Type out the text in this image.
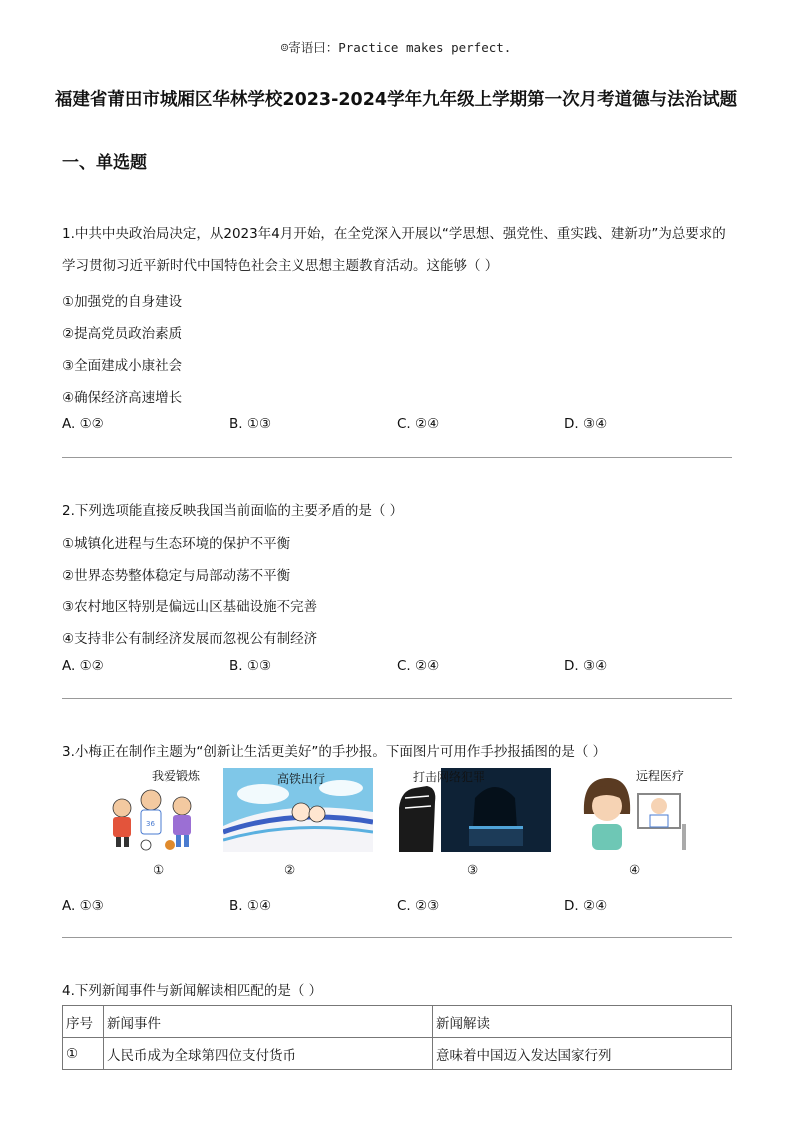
☺寄语曰：Practice makes perfect.
福建省莆田市城厢区华林学校2023-2024学年九年级上学期第一次月考道德与法治试题
一、单选题
1.中共中央政治局决定，从2023年4月开始，在全党深入开展以“学思想、强党性、重实践、建新功”为总要求的学习贯彻习近平新时代中国特色社会主义思想主题教育活动。这能够（ ）
①加强党的自身建设
②提高党员政治素质
③全面建成小康社会
④确保经济高速增长
A. ①②	B. ①③	C. ②④	D. ③④
2.下列选项能直接反映我国当前面临的主要矛盾的是（ ）
①城镇化进程与生态环境的保护不平衡
②世界态势整体稳定与局部动荡不平衡
③农村地区特别是偏远山区基础设施不完善
④支持非公有制经济发展而忽视公有制经济
A. ①②	B. ①③	C. ②④	D. ③④
3.小梅正在制作主题为“创新让生活更美好”的手抄报。下面图片可用作手抄报插图的是（ ）
我爱锻炼
36
高铁出行	打击网络犯罪	远程医疗
①	②	③	④
A. ①③	B. ①④	C. ②③	D. ②④
4.下列新闻事件与新闻解读相匹配的是（ ）
序号	新闻事件	新闻解读
①	人民币成为全球第四位支付货币	意味着中国迈入发达国家行列
